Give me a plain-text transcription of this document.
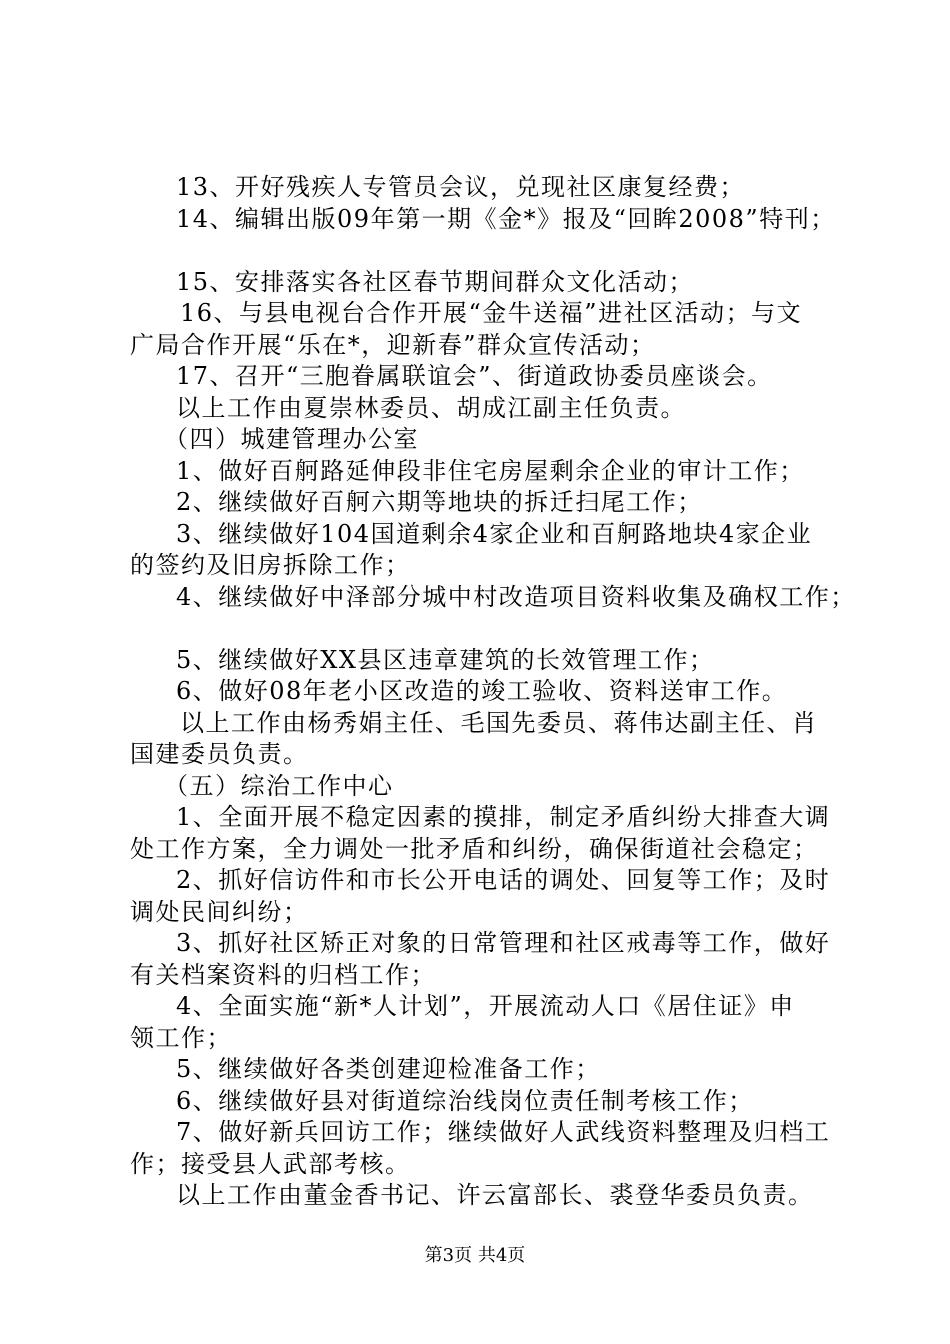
13、开好残疾人专管员会议，兑现社区康复经费；
14、编辑出版09年第一期《金*》报及“回眸2008”特刊；
15、安排落实各社区春节期间群众文化活动；
16、与县电视台合作开展“金牛送福”进社区活动；与文
广局合作开展“乐在*，迎新春”群众宣传活动；
17、召开“三胞眷属联谊会”、街道政协委员座谈会。
以上工作由夏崇林委员、胡成江副主任负责。
（四）城建管理办公室
1、做好百舸路延伸段非住宅房屋剩余企业的审计工作；
2、继续做好百舸六期等地块的拆迁扫尾工作；
3、继续做好104国道剩余4家企业和百舸路地块4家企业
的签约及旧房拆除工作；
4、继续做好中泽部分城中村改造项目资料收集及确权工作；
5、继续做好XX县区违章建筑的长效管理工作；
6、做好08年老小区改造的竣工验收、资料送审工作。
以上工作由杨秀娟主任、毛国先委员、蒋伟达副主任、肖
国建委员负责。
（五）综治工作中心
1、全面开展不稳定因素的摸排，制定矛盾纠纷大排查大调
处工作方案，全力调处一批矛盾和纠纷，确保街道社会稳定；
2、抓好信访件和市长公开电话的调处、回复等工作；及时
调处民间纠纷；
3、抓好社区矫正对象的日常管理和社区戒毒等工作，做好
有关档案资料的归档工作；
4、全面实施“新*人计划”，开展流动人口《居住证》申
领工作；
5、继续做好各类创建迎检准备工作；
6、继续做好县对街道综治线岗位责任制考核工作；
7、做好新兵回访工作；继续做好人武线资料整理及归档工
作；接受县人武部考核。
以上工作由董金香书记、许云富部长、裘登华委员负责。
第3页 共4页
